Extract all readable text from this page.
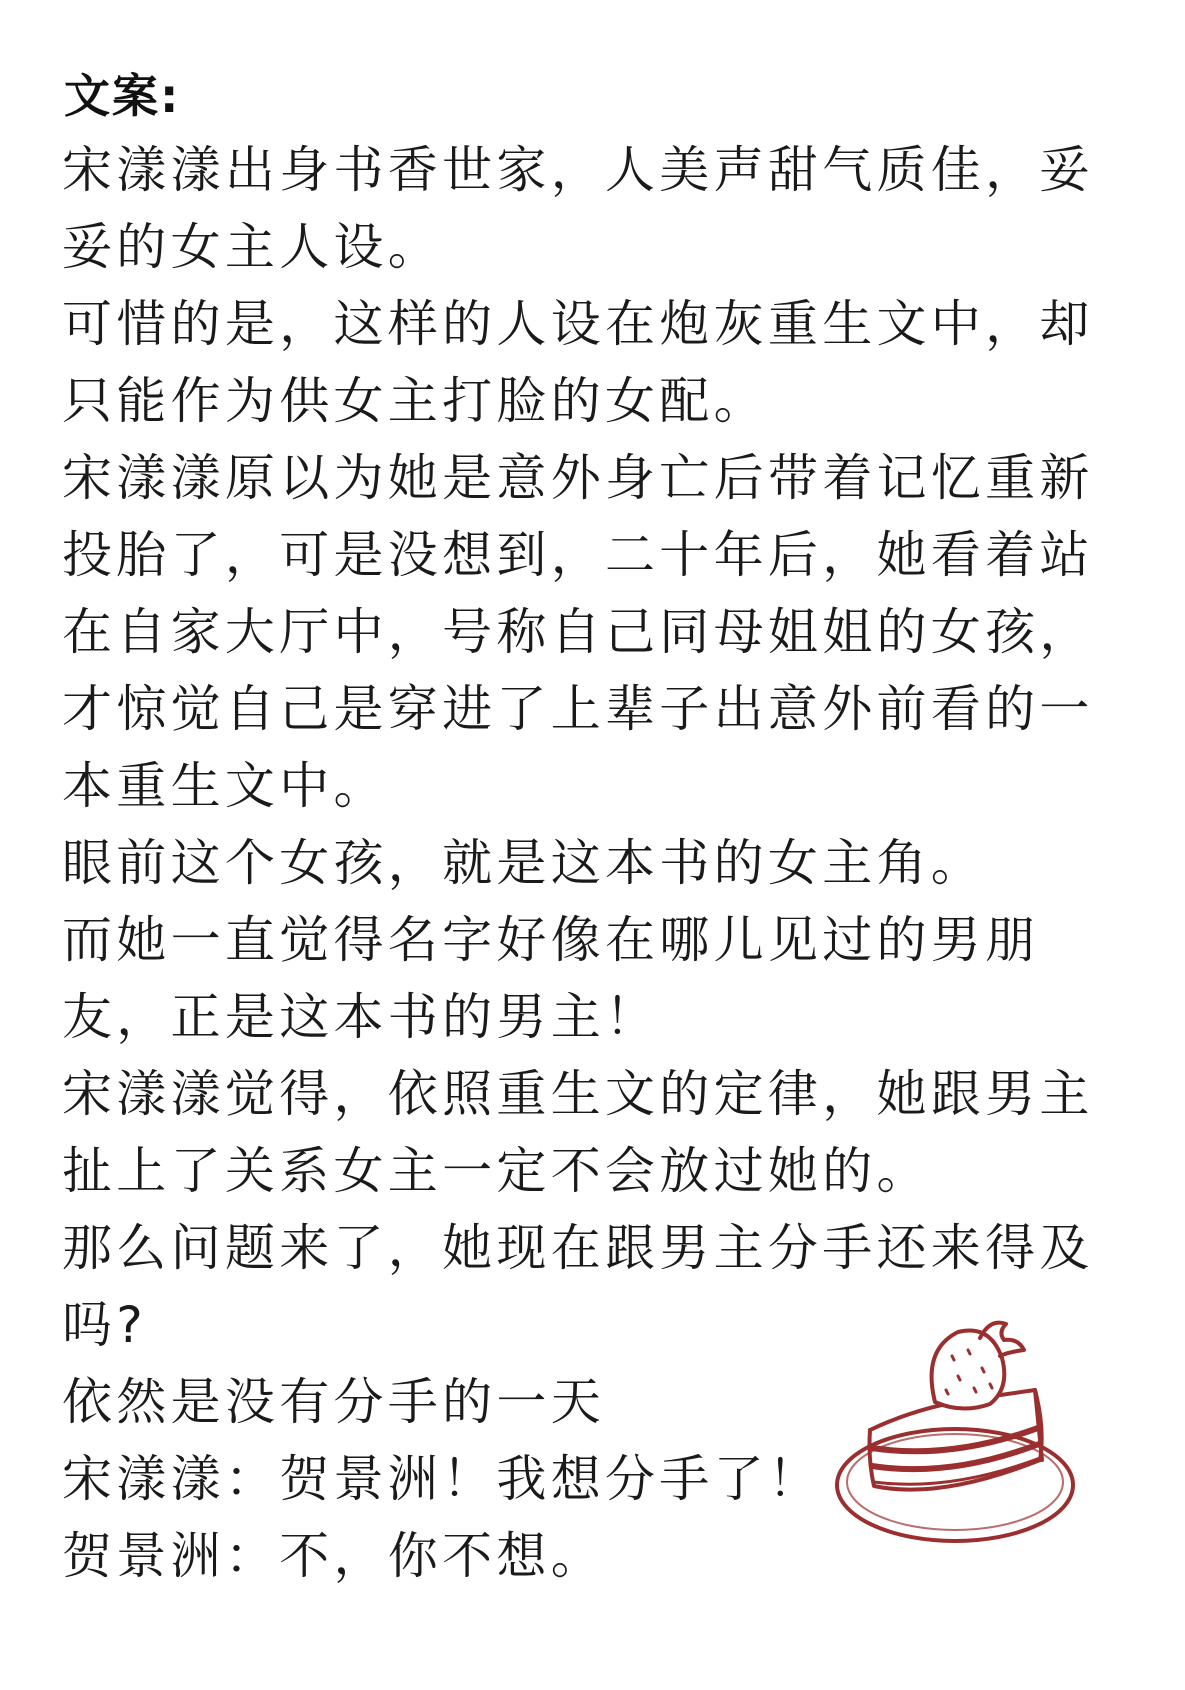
文案:

宋漾漾出身书香世家，人美声甜气质佳，妥妥的女主人设。

可惜的是，这样的人设在炮灰重生文中，却只能作为供女主打脸的女配。

宋漾漾原以为她是意外身亡后带着记忆重新投胎了，可是没想到，二十年后，她看着站在自家大厅中，号称自己同母姐姐的女孩，才惊觉自己是穿进了上辈子出意外前看的一本重生文中。

眼前这个女孩，就是这本书的女主角。

而她一直觉得名字好像在哪儿见过的男朋友，正是这本书的男主！

宋漾漾觉得，依照重生文的定律，她跟男主扯上了关系女主一定不会放过她的。

那么问题来了，她现在跟男主分手还来得及吗?

依然是没有分手的一天

宋漾漾：贺景洲！我想分手了！

贺景洲：不，你不想。
